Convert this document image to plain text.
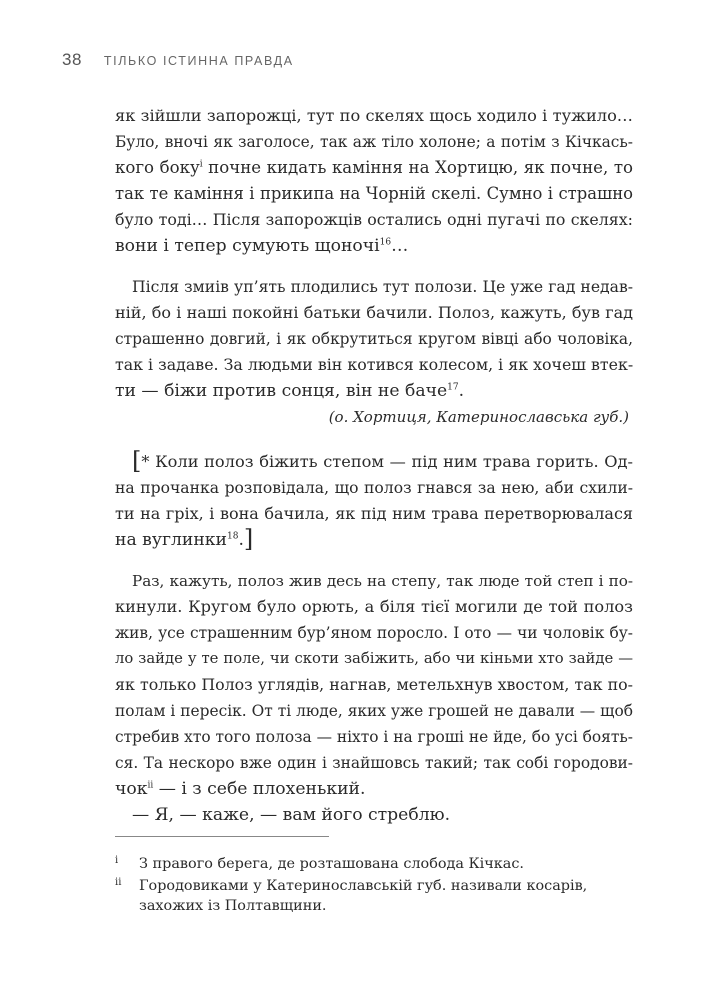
38 ТІЛЬКО ІСТИННА ПРАВДА
як зійшли запорожці, тут по скелях щось ходило і тужило…
Було, вночі як заголосе, так аж тіло холоне; а потім з Кічкась-
кого боку$^i$ почне кидать каміння на Хортицю, як почне, то
так те каміння і прикипа на Чорній скелі. Сумно і страшно
було тоді… Після запорожців остались одні пугачі по скелях:
вони і тепер сумують щоночі$^{16}$…
Після змиів уп’ять плодились тут полози. Це уже гад недав-
ній, бо і наші покойні батьки бачили. Полоз, кажуть, був гад
страшенно довгий, і як обкрутиться кругом вівці або чоловіка,
так і задаве. За людьми він котився колесом, і як хочеш втек-
ти — біжи против сонця, він не бачe$^{17}$.
(о. Хортиця, Катеринославська губ.)
[* Коли полоз біжить степом — під ним трава горить. Од-
на прочанка розповідала, що полоз гнався за нею, аби схили-
ти на гріх, і вона бачила, як під ним трава перетворювалася
на вуглинки$^{18}$.]
Раз, кажуть, полоз жив десь на степу, так люде той степ і по-
кинули. Кругом було орють, а біля тієї могили де той полоз
жив, усе страшенним бур’яном поросло. І ото — чи чоловік бу-
ло зайде у те поле, чи скоти забіжить, або чи кіньми хто зайде —
як только Полоз углядів, нагнав, метельхнув хвостом, так по-
полам і пересік. От ті люде, яких уже грошей не давали — щоб
стребив хто того полоза — ніхто і на гроші не йде, бо усі боять-
ся. Та нескоро вже один і знайшовсь такий; так собі городови-
чок$^{ii}$ — і з себе плохенький.
— Я, — каже, — вам його стреблю.
i З правого берега, де розташована слобода Кічкас.
ii Городовиками у Катеринославській губ. називали косарів, захожих із Полтавщини.
